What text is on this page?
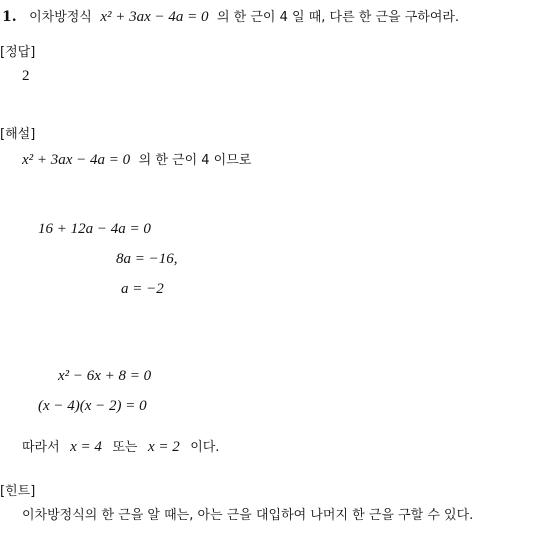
1. 이차방정식 x² + 3ax − 4a = 0 의 한 근이 4 일 때, 다른 한 근을 구하여라.
[정답]
2
[해설]
x² + 3ax − 4a = 0 의 한 근이 4 이므로
16 + 12a − 4a = 0
8a = −16,
a = −2
x² − 6x + 8 = 0
(x − 4)(x − 2) = 0
따라서 x = 4 또는 x = 2 이다.
[힌트]
이차방정식의 한 근을 알 때는, 아는 근을 대입하여 나머지 한 근을 구할 수 있다.
